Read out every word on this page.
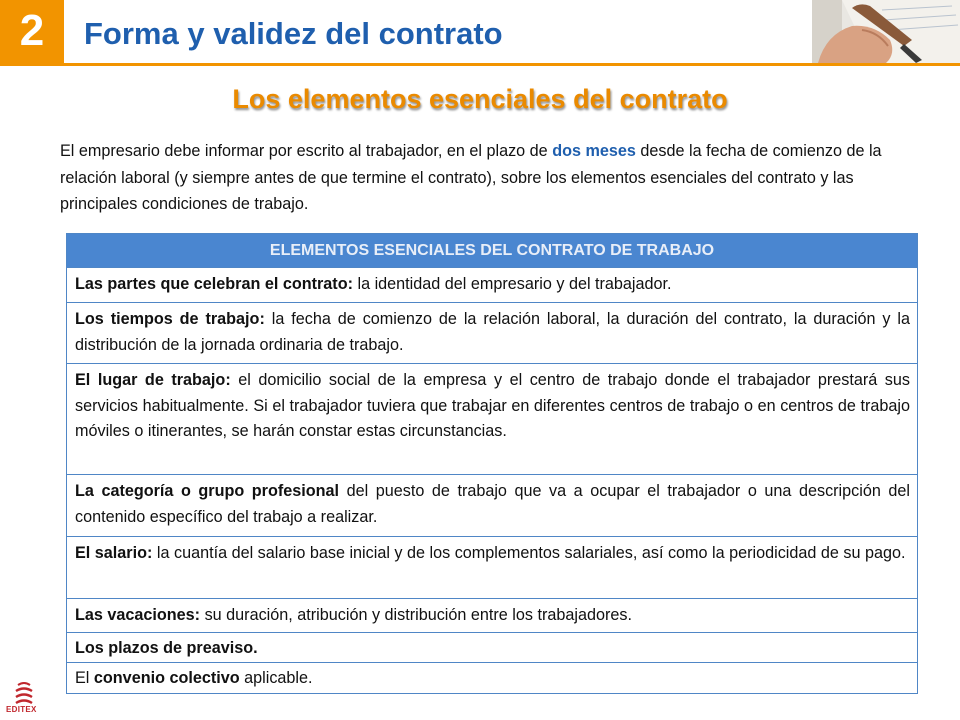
2	Forma y validez del contrato
Los elementos esenciales del contrato
El empresario debe informar por escrito al trabajador, en el plazo de dos meses desde la fecha de comienzo de la relación laboral (y siempre antes de que termine el contrato), sobre los elementos esenciales del contrato y las principales condiciones de trabajo.
ELEMENTOS ESENCIALES DEL CONTRATO DE TRABAJO
Las partes que celebran el contrato: la identidad del empresario y del trabajador.
Los tiempos de trabajo: la fecha de comienzo de la relación laboral, la duración del contrato, la duración y la distribución de la jornada ordinaria de trabajo.
El lugar de trabajo: el domicilio social de la empresa y el centro de trabajo donde el trabajador prestará sus servicios habitualmente. Si el trabajador tuviera que trabajar en diferentes centros de trabajo o en centros de trabajo móviles o itinerantes, se harán constar estas circunstancias.
La categoría o grupo profesional del puesto de trabajo que va a ocupar el trabajador o una descripción del contenido específico del trabajo a realizar.
El salario: la cuantía del salario base inicial y de los complementos salariales, así como la periodicidad de su pago.
Las vacaciones: su duración, atribución y distribución entre los trabajadores.
Los plazos de preaviso.
El convenio colectivo aplicable.
EDITEX
